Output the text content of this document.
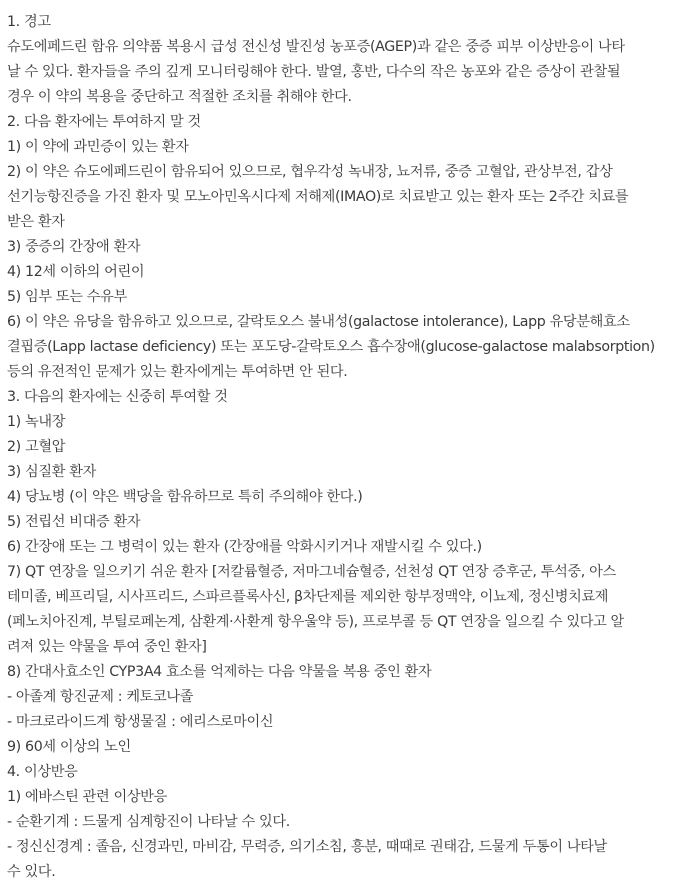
1. 경고
슈도에페드린 함유 의약품 복용시 급성 전신성 발진성 농포증(AGEP)과 같은 중증 피부 이상반응이 나타
날 수 있다. 환자들을 주의 깊게 모니터링해야 한다. 발열, 홍반, 다수의 작은 농포와 같은 증상이 관찰될
경우 이 약의 복용을 중단하고 적절한 조치를 취해야 한다.
2. 다음 환자에는 투여하지 말 것
1) 이 약에 과민증이 있는 환자
2) 이 약은 슈도에페드린이 함유되어 있으므로, 협우각성 녹내장, 뇨저류, 중증 고혈압, 관상부전, 갑상
선기능항진증을 가진 환자 및 모노아민옥시다제 저해제(IMAO)로 치료받고 있는 환자 또는 2주간 치료를
받은 환자
3) 중증의 간장애 환자
4) 12세 이하의 어린이
5) 임부 또는 수유부
6) 이 약은 유당을 함유하고 있으므로, 갈락토오스 불내성(galactose intolerance), Lapp 유당분해효소
결핍증(Lapp lactase deficiency) 또는 포도당-갈락토오스 흡수장애(glucose-galactose malabsorption)
등의 유전적인 문제가 있는 환자에게는 투여하면 안 된다.
3. 다음의 환자에는 신중히 투여할 것
1) 녹내장
2) 고혈압
3) 심질환 환자
4) 당뇨병 (이 약은 백당을 함유하므로 특히 주의해야 한다.)
5) 전립선 비대증 환자
6) 간장애 또는 그 병력이 있는 환자 (간장애를 악화시키거나 재발시킬 수 있다.)
7) QT 연장을 일으키기 쉬운 환자 [저칼륨혈증, 저마그네슘혈증, 선천성 QT 연장 증후군, 투석중, 아스
테미졸, 베프리딜, 시사프리드, 스파르플록사신, β차단제를 제외한 항부정맥약, 이뇨제, 정신병치료제
(페노치아진계, 부틸로페논계, 삼환계·사환계 항우울약 등), 프로부콜 등 QT 연장을 일으킬 수 있다고 알
려져 있는 약물을 투여 중인 환자]
8) 간대사효소인 CYP3A4 효소를 억제하는 다음 약물을 복용 중인 환자
- 아졸계 항진균제 : 케토코나졸
- 마크로라이드계 항생물질 : 에리스로마이신
9) 60세 이상의 노인
4. 이상반응
1) 에바스틴 관련 이상반응
- 순환기계 : 드물게 심계항진이 나타날 수 있다.
- 정신신경계 : 졸음, 신경과민, 마비감, 무력증, 의기소침, 흥분, 때때로 권태감, 드물게 두통이 나타날
수 있다.
